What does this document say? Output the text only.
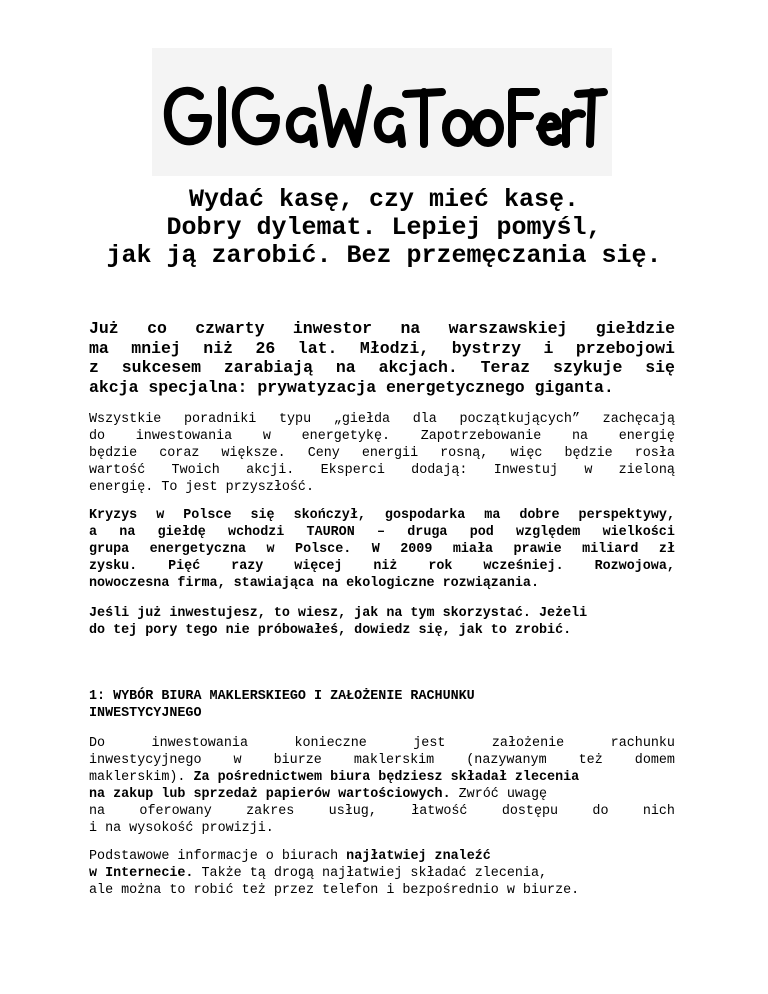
Wydać kasę, czy mieć kasę.
Dobry dylemat. Lepiej pomyśl,
jak ją zarobić. Bez przemęczania się.
Już co czwarty inwestor na warszawskiej giełdzie
ma mniej niż 26 lat. Młodzi, bystrzy i przebojowi
z sukcesem zarabiają na akcjach. Teraz szykuje się
akcja specjalna: prywatyzacja energetycznego giganta.
Wszystkie poradniki typu „giełda dla początkujących” zachęcają
do inwestowania w energetykę. Zapotrzebowanie na energię
będzie coraz większe. Ceny energii rosną, więc będzie rosła
wartość Twoich akcji. Eksperci dodają: Inwestuj w zieloną
energię. To jest przyszłość.
Kryzys w Polsce się skończył, gospodarka ma dobre perspektywy,
a na giełdę wchodzi TAURON – druga pod względem wielkości
grupa energetyczna w Polsce. W 2009 miała prawie miliard zł
zysku. Pięć razy więcej niż rok wcześniej. Rozwojowa,
nowoczesna firma, stawiająca na ekologiczne rozwiązania.
Jeśli już inwestujesz, to wiesz, jak na tym skorzystać. Jeżeli
do tej pory tego nie próbowałeś, dowiedz się, jak to zrobić.
1: WYBÓR BIURA MAKLERSKIEGO I ZAŁOŻENIE RACHUNKU
INWESTYCYJNEGO
Do	inwestowania	konieczne	jest	założenie	rachunku
inwestycyjnego w biurze maklerskim (nazywanym też domem
maklerskim). Za pośrednictwem biura będziesz składał zlecenia
na zakup lub sprzedaż papierów wartościowych. Zwróć uwagę
na	oferowany	zakres	usług,	łatwość	dostępu	do	nich
i na wysokość prowizji.
Podstawowe informacje o biurach najłatwiej znaleźć
w Internecie. Także tą drogą najłatwiej składać zlecenia,
ale można to robić też przez telefon i bezpośrednio w biurze.
